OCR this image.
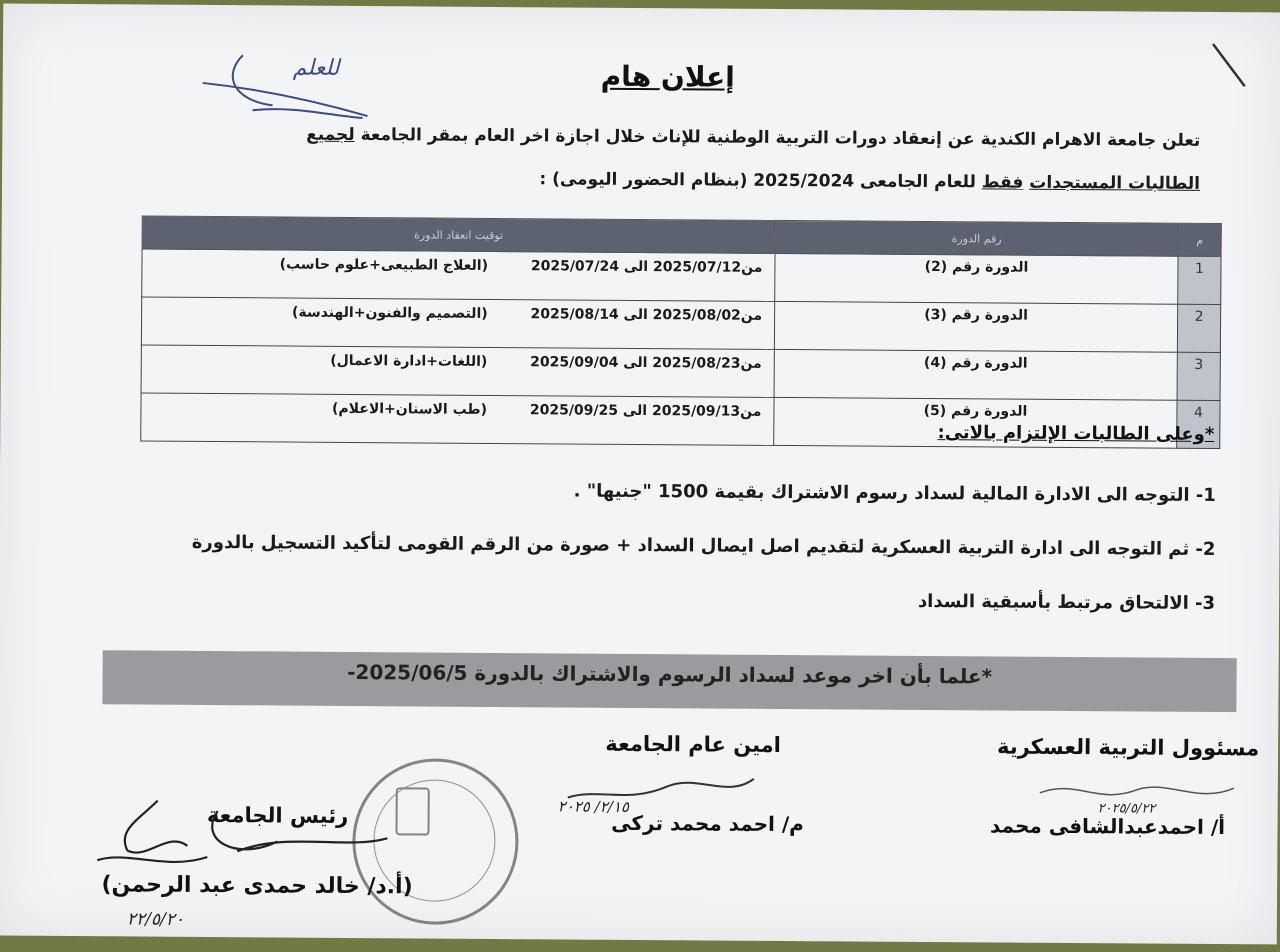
للعلم	إعلان هام
تعلن جامعة الاهرام الكندية عن إنعقاد دورات التربية الوطنية للإناث خلال اجازة اخر العام بمقر الجامعة لجميع
الطالبات المستجدات فقط للعام الجامعى 2025/2024 (بنظام الحضور اليومى) :
م	رقم الدورة	توقيت انعقاد الدورة
1	الدورة رقم (2)	من2025/07/12 الى 2025/07/24 (العلاج الطبيعى+علوم حاسب)
2	الدورة رقم (3)	من2025/08/02 الى 2025/08/14 (التصميم والفنون+الهندسة)
3	الدورة رقم (4)	من2025/08/23 الى 2025/09/04 (اللغات+ادارة الاعمال)
4	الدورة رقم (5)	من2025/09/13 الى 2025/09/25 (طب الاسنان+الاعلام)
*وعلى الطالبات الإلتزام بالاتى:

1- التوجه الى الادارة المالية لسداد رسوم الاشتراك بقيمة 1500 "جنيها" .

2- ثم التوجه الى ادارة التربية العسكرية لتقديم اصل ايصال السداد + صورة من الرقم القومى لتأكيد التسجيل بالدورة

3- الالتحاق مرتبط بأسبقية السداد

*علما بأن اخر موعد لسداد الرسوم والاشتراك بالدورة 2025/06/5-
مسئوول التربية العسكرية
٢٠٢٥/٥/٢٢
أ/ احمدعبدالشافى محمد
امين عام الجامعة
٢/١٥/ ٢٠٢٥
م/ احمد محمد تركى
رئيس الجامعة
(أ.د/ خالد حمدى عبد الرحمن)
٢٢/٥/٢٠
